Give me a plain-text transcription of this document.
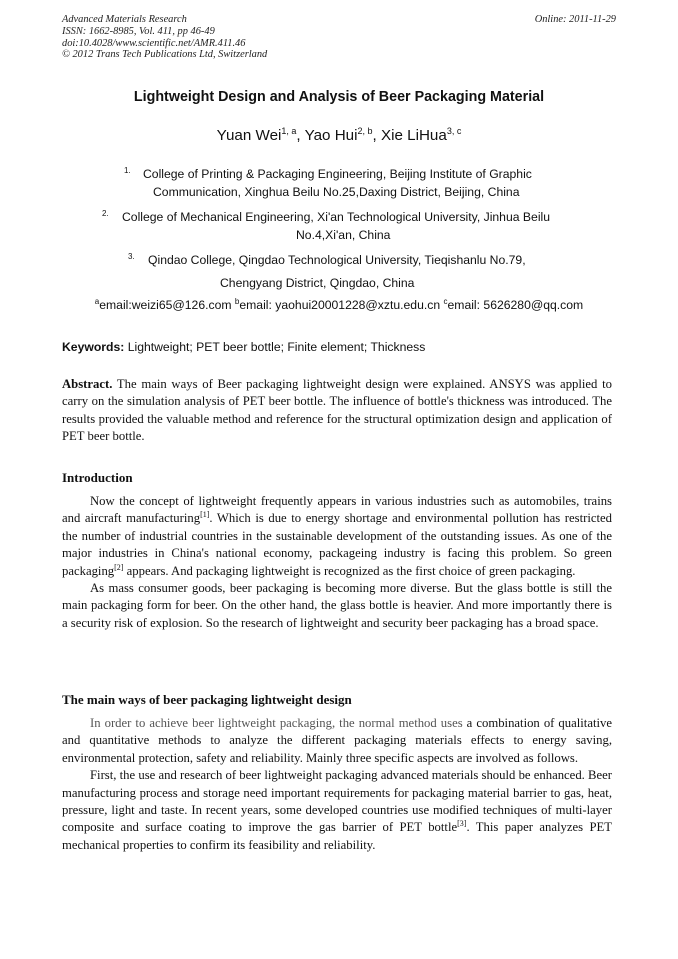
Advanced Materials Research
ISSN: 1662-8985, Vol. 411, pp 46-49
doi:10.4028/www.scientific.net/AMR.411.46
© 2012 Trans Tech Publications Ltd, Switzerland
Online: 2011-11-29
Lightweight Design and Analysis of Beer Packaging Material
Yuan Wei$^{1, a}$, Yao Hui$^{2, b}$, Xie LiHua$^{3, c}$
1. College of Printing & Packaging Engineering, Beijing Institute of Graphic
Communication, Xinghua Beilu No.25,Daxing District, Beijing, China
2. College of Mechanical Engineering, Xi'an Technological University, Jinhua Beilu
No.4,Xi'an, China
3. Qindao College, Qingdao Technological University, Tieqishanlu No.79,
Chengyang District, Qingdao, China
$^a$email:weizi65@126.com $^b$email: yaohui20001228@xztu.edu.cn $^c$email: 5626280@qq.com
Keywords: Lightweight; PET beer bottle; Finite element; Thickness

Abstract. The main ways of Beer packaging lightweight design were explained. ANSYS was applied to carry on the simulation analysis of PET beer bottle. The influence of bottle's thickness was introduced. The results provided the valuable method and reference for the structural optimization design and application of PET beer bottle.

Introduction

Now the concept of lightweight frequently appears in various industries such as automobiles, trains and aircraft manufacturing[1]. Which is due to energy shortage and environmental pollution has restricted the number of industrial countries in the sustainable development of the outstanding issues. As one of the major industries in China's national economy, packageing industry is facing this problem. So green packaging[2] appears. And packaging lightweight is recognized as the first choice of green packaging.

As mass consumer goods, beer packaging is becoming more diverse. But the glass bottle is still the main packaging form for beer. On the other hand, the glass bottle is heavier. And more importantly there is a security risk of explosion. So the research of lightweight and security beer packaging has a broad space.

The main ways of beer packaging lightweight design

In order to achieve beer lightweight packaging, the normal method uses a combination of qualitative and quantitative methods to analyze the different packaging materials effects to energy saving, environmental protection, safety and reliability. Mainly three specific aspects are involved as follows.

First, the use and research of beer lightweight packaging advanced materials should be enhanced. Beer manufacturing process and storage need important requirements for packaging material barrier to gas, heat, pressure, light and taste. In recent years, some developed countries use modified techniques of multi-layer composite and surface coating to improve the gas barrier of PET bottle[3]. This paper analyzes PET mechanical properties to confirm its feasibility and reliability.
